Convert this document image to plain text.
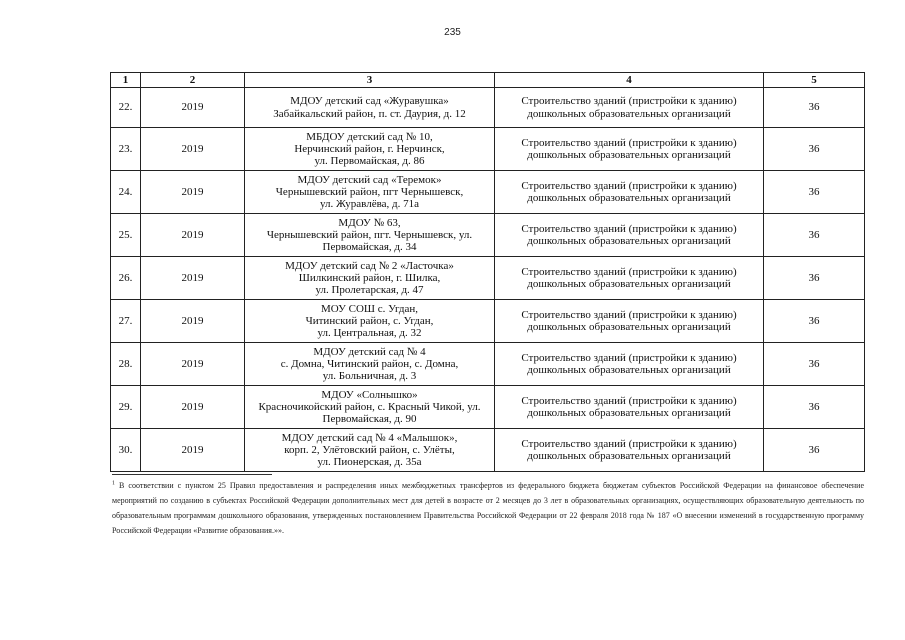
235
1	2	3	4	5
22.	2019	МДОУ детский сад «Журавушка»
Забайкальский район, п. ст. Даурия, д. 12	Строительство зданий (пристройки к зданию)
дошкольных образовательных организаций	36
23.	2019	МБДОУ детский сад № 10,
Нерчинский район, г. Нерчинск,
ул. Первомайская, д. 86	Строительство зданий (пристройки к зданию)
дошкольных образовательных организаций	36
24.	2019	МДОУ детский сад «Теремок»
Чернышевский район, пгт Чернышевск,
ул. Журавлёва, д. 71а	Строительство зданий (пристройки к зданию)
дошкольных образовательных организаций	36
25.	2019	МДОУ № 63,
Чернышевский район, пгт. Чернышевск, ул.
Первомайская, д. 34	Строительство зданий (пристройки к зданию)
дошкольных образовательных организаций	36
26.	2019	МДОУ детский сад № 2 «Ласточка»
Шилкинский район, г. Шилка,
ул. Пролетарская, д. 47	Строительство зданий (пристройки к зданию)
дошкольных образовательных организаций	36
27.	2019	МОУ СОШ с. Угдан,
Читинский район, с. Угдан,
ул. Центральная, д. 32	Строительство зданий (пристройки к зданию)
дошкольных образовательных организаций	36
28.	2019	МДОУ детский сад № 4
с. Домна, Читинский район, с. Домна,
ул. Больничная, д. 3	Строительство зданий (пристройки к зданию)
дошкольных образовательных организаций	36
29.	2019	МДОУ «Солнышко»
Красночикойский район, с. Красный Чикой, ул.
Первомайская, д. 90	Строительство зданий (пристройки к зданию)
дошкольных образовательных организаций	36
30.	2019	МДОУ детский сад № 4 «Малышок»,
корп. 2, Улётовский район, с. Улёты,
ул. Пионерская, д. 35а	Строительство зданий (пристройки к зданию)
дошкольных образовательных организаций	36
$^1$ В соответствии с пунктом 25 Правил предоставления и распределения иных межбюджетных трансфертов из федерального бюджета бюджетам субъектов Российской Федерации на финансовое обеспечение мероприятий по созданию в субъектах Российской Федерации дополнительных мест для детей в возрасте от 2 месяцев до 3 лет в образовательных организациях, осуществляющих образовательную деятельность по образовательным программам дошкольного образования, утвержденных постановлением Правительства Российской Федерации от 22 февраля 2018 года № 187 «О внесении изменений в государственную программу Российской Федерации «Развитие образования.»».
